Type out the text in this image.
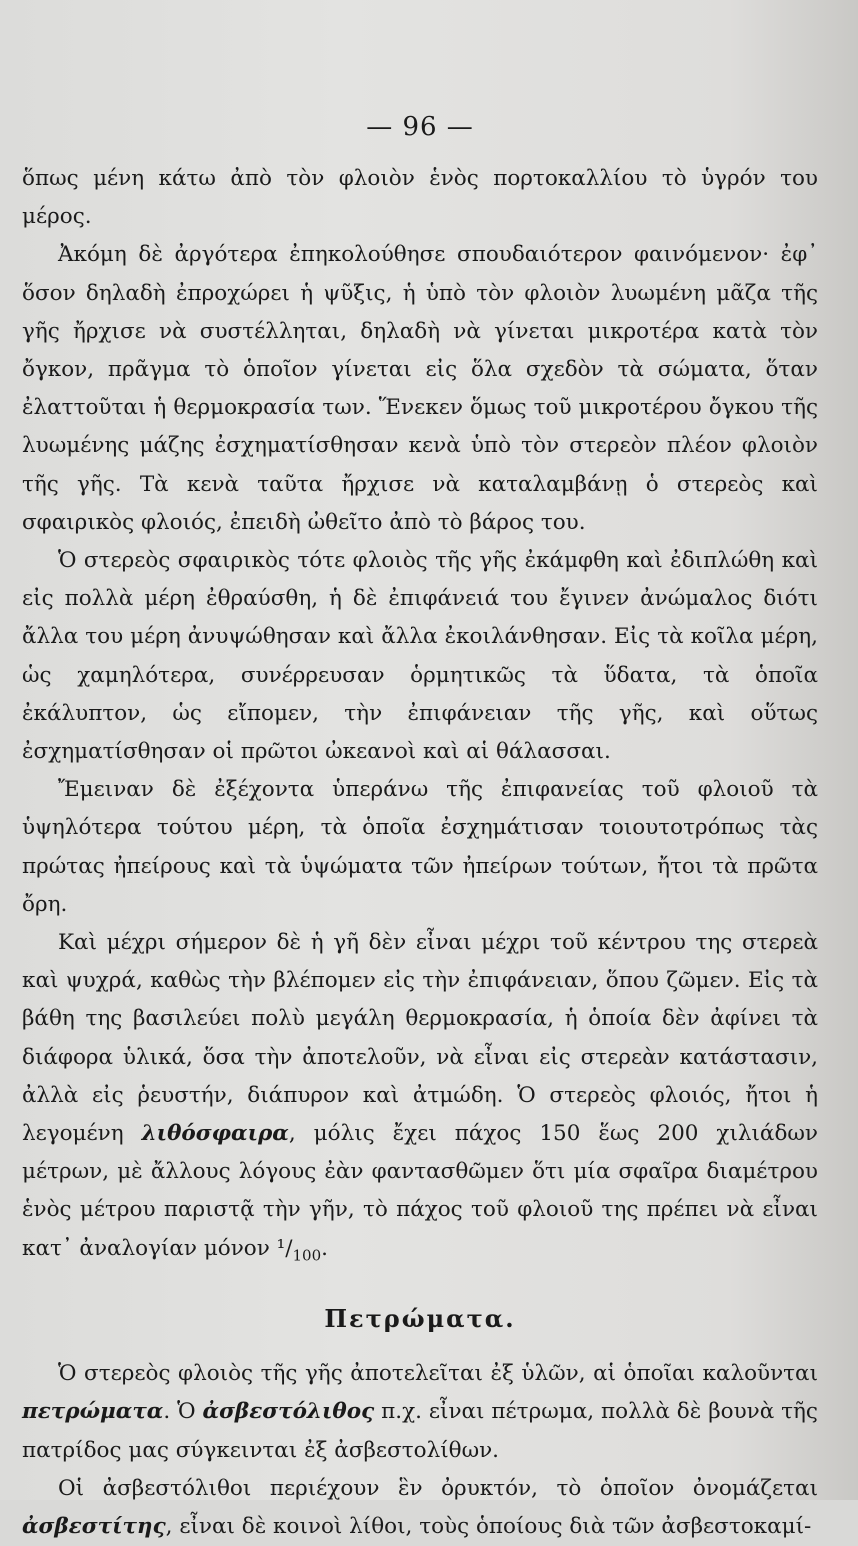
— 96 —

ὅπως μένη κάτω ἀπὸ τὸν φλοιὸν ἑνὸς πορτοκαλλίου τὸ ὑγρόν του μέρος.

Ἀκόμη δὲ ἀργότερα ἐπηκολούθησε σπουδαιότερον φαινόμενον· ἐφ᾿ ὅσον δηλαδὴ ἐπροχώρει ἡ ψῦξις, ἡ ὑπὸ τὸν φλοιὸν λυωμένη μᾶζα τῆς γῆς ἤρχισε νὰ συστέλληται, δηλαδὴ νὰ γίνεται μικροτέρα κατὰ τὸν ὄγκον, πρᾶγμα τὸ ὁποῖον γίνεται εἰς ὅλα σχεδὸν τὰ σώματα, ὅταν ἐλαττοῦται ἡ θερμοκρασία των. Ἕνεκεν ὅμως τοῦ μικροτέρου ὄγκου τῆς λυωμένης μάζης ἐσχηματίσθησαν κενὰ ὑπὸ τὸν στερεὸν πλέον φλοιὸν τῆς γῆς. Τὰ κενὰ ταῦτα ἤρχισε νὰ καταλαμβάνῃ ὁ στερεὸς καὶ σφαιρικὸς φλοιός, ἐπειδὴ ὠθεῖτο ἀπὸ τὸ βάρος του.

Ὁ στερεὸς σφαιρικὸς τότε φλοιὸς τῆς γῆς ἐκάμφθη καὶ ἐδιπλώθη καὶ εἰς πολλὰ μέρη ἐθραύσθη, ἡ δὲ ἐπιφάνειά του ἔγινεν ἀνώμαλος διότι ἄλλα του μέρη ἀνυψώθησαν καὶ ἄλλα ἐκοιλάνθησαν. Εἰς τὰ κοῖλα μέρη, ὡς χαμηλότερα, συνέρρευσαν ὁρμητικῶς τὰ ὕδατα, τὰ ὁποῖα ἐκάλυπτον, ὡς εἴπομεν, τὴν ἐπιφάνειαν τῆς γῆς, καὶ οὕτως ἐσχηματίσθησαν οἱ πρῶτοι ὠκεανοὶ καὶ αἱ θάλασσαι.

Ἔμειναν δὲ ἐξέχοντα ὑπεράνω τῆς ἐπιφανείας τοῦ φλοιοῦ τὰ ὑψηλότερα τούτου μέρη, τὰ ὁποῖα ἐσχημάτισαν τοιουτοτρόπως τὰς πρώτας ἠπείρους καὶ τὰ ὑψώματα τῶν ἠπείρων τούτων, ἤτοι τὰ πρῶτα ὄρη.

Καὶ μέχρι σήμερον δὲ ἡ γῆ δὲν εἶναι μέχρι τοῦ κέντρου της στερεὰ καὶ ψυχρά, καθὼς τὴν βλέπομεν εἰς τὴν ἐπιφάνειαν, ὅπου ζῶμεν. Εἰς τὰ βάθη της βασιλεύει πολὺ μεγάλη θερμοκρασία, ἡ ὁποία δὲν ἀφίνει τὰ διάφορα ὑλικά, ὅσα τὴν ἀποτελοῦν, νὰ εἶναι εἰς στερεὰν κατάστασιν, ἀλλὰ εἰς ῥευστήν, διάπυρον καὶ ἀτμώδη. Ὁ στερεὸς φλοιός, ἤτοι ἡ λεγομένη λιθόσφαιρα, μόλις ἔχει πάχος 150 ἕως 200 χιλιάδων μέτρων, μὲ ἄλλους λόγους ἐὰν φαντασθῶμεν ὅτι μία σφαῖρα διαμέτρου ἑνὸς μέτρου παριστᾷ τὴν γῆν, τὸ πάχος τοῦ φλοιοῦ της πρέπει νὰ εἶναι κατ᾿ ἀναλογίαν μόνον $^1/_{100}$.

Πετρώματα.

Ὁ στερεὸς φλοιὸς τῆς γῆς ἀποτελεῖται ἐξ ὑλῶν, αἱ ὁποῖαι καλοῦνται πετρώματα. Ὁ ἀσβεστόλιθος π.χ. εἶναι πέτρωμα, πολλὰ δὲ βουνὰ τῆς πατρίδος μας σύγκεινται ἐξ ἀσβεστολίθων.

Οἱ ἀσβεστόλιθοι περιέχουν ἓν ὀρυκτόν, τὸ ὁποῖον ὀνομάζεται ἀσβεστίτης, εἶναι δὲ κοινοὶ λίθοι, τοὺς ὁποίους διὰ τῶν ἀσβεστοκαμί-
